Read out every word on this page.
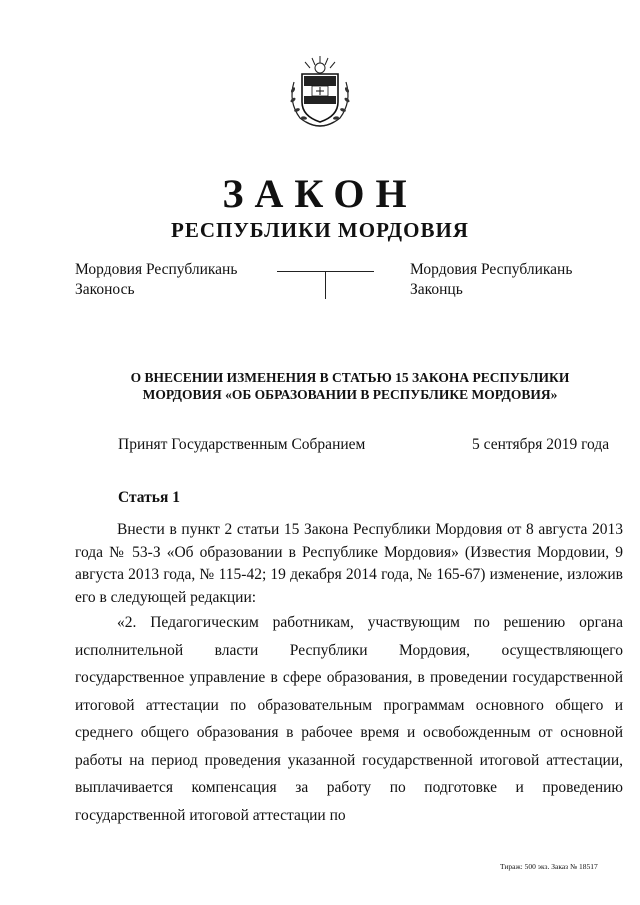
ЗАКОН
РЕСПУБЛИКИ МОРДОВИЯ
Мордовия Республикань
Законось
Мордовия Республикань
Законць
О ВНЕСЕНИИ ИЗМЕНЕНИЯ В СТАТЬЮ 15 ЗАКОНА РЕСПУБЛИКИ
МОРДОВИЯ «ОБ ОБРАЗОВАНИИ В РЕСПУБЛИКЕ МОРДОВИЯ»
Принят Государственным Собранием	5 сентября 2019 года
Статья 1

Внести в пункт 2 статьи 15 Закона Республики Мордовия от 8 августа 2013 года № 53-З «Об образовании в Республике Мордовия» (Известия Мордовии, 9 августа 2013 года, № 115-42; 19 декабря 2014 года, № 165-67) изменение, изложив его в следующей редакции:

«2. Педагогическим работникам, участвующим по решению органа исполнительной власти Республики Мордовия, осуществляющего государственное управление в сфере образования, в проведении государственной итоговой аттестации по образовательным программам основного общего и среднего общего образования в рабочее время и освобожденным от основной работы на период проведения указанной государственной итоговой аттестации, выплачивается компенсация за работу по подготовке и проведению государственной итоговой аттестации по

Тираж: 500 экз. Заказ № 18517
